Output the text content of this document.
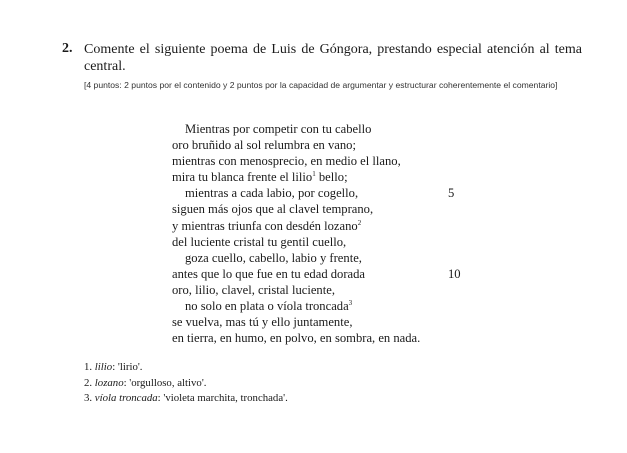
2. Comente el siguiente poema de Luis de Góngora, prestando especial atención al tema central.
[4 puntos: 2 puntos por el contenido y 2 puntos por la capacidad de argumentar y estructurar coherentemente el comentario]
Mientras por competir con tu cabello
oro bruñido al sol relumbra en vano;
mientras con menosprecio, en medio el llano,
mira tu blanca frente el lilio$^1$ bello;
mientras a cada labio, por cogello,	5
siguen más ojos que al clavel temprano,
y mientras triunfa con desdén lozano$^2$
del luciente cristal tu gentil cuello,
goza cuello, cabello, labio y frente,
antes que lo que fue en tu edad dorada	10
oro, lilio, clavel, cristal luciente,
no solo en plata o víola troncada$^3$
se vuelva, mas tú y ello juntamente,
en tierra, en humo, en polvo, en sombra, en nada.
1. lilio: 'lirio'.
2. lozano: 'orgulloso, altivo'.
3. víola troncada: 'violeta marchita, tronchada'.
